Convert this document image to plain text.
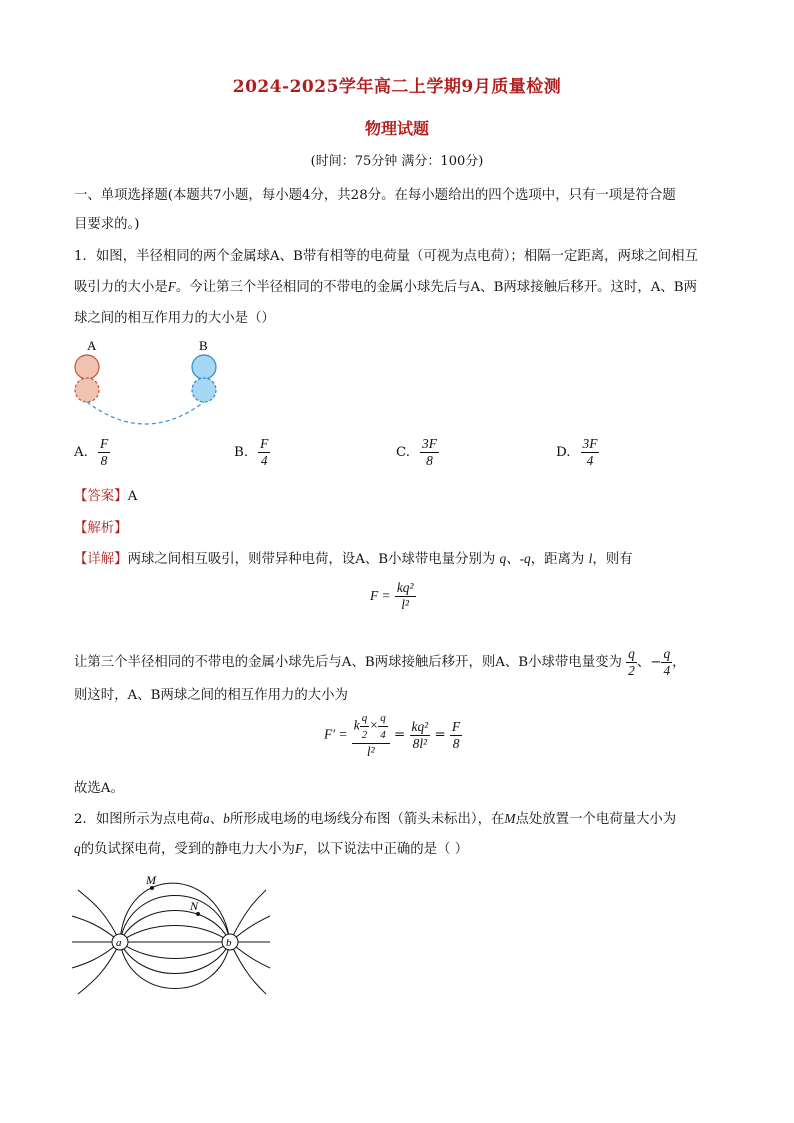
2024-2025学年高二上学期9月质量检测
物理试题
(时间：75分钟 满分：100分)
一、单项选择题(本题共7小题，每小题4分，共28分。在每小题给出的四个选项中，只有一项是符合题
目要求的。)
1．如图，半径相同的两个金属球A、B带有相等的电荷量（可视为点电荷）；相隔一定距离，两球之间相互
吸引力的大小是F。今让第三个半径相同的不带电的金属小球先后与A、B两球接触后移开。这时，A、B两
球之间的相互作用力的大小是（）
A	B
A. $\frac{F}{8}$	B. $\frac{F}{4}$	C. $\frac{3F}{8}$	D. $\frac{3F}{4}$
【答案】A
【解析】
【详解】两球之间相互吸引，则带异种电荷，设A、B小球带电量分别为 q、-q，距离为 l，则有
$F = \frac{\text{kq²}}{\text{l²}}$
让第三个半径相同的不带电的金属小球先后与A、B两球接触后移开，则A、B小球带电量变为 $\frac{q}{2}$ 、− $\frac{q}{4}$ ，
则这时，A、B两球之间的相互作用力的大小为
$F' = \frac{k \frac{q}{2} \times \frac{q}{4}}{\text{l²}} = \frac{\text{kq²}}{\text{8l²}} = \frac{F}{8}$
故选A。
2．如图所示为点电荷a、b所形成电场的电场线分布图（箭头未标出），在M点处放置一个电荷量大小为
q的负试探电荷，受到的静电力大小为F，以下说法中正确的是（ ）
M
N
a	b
